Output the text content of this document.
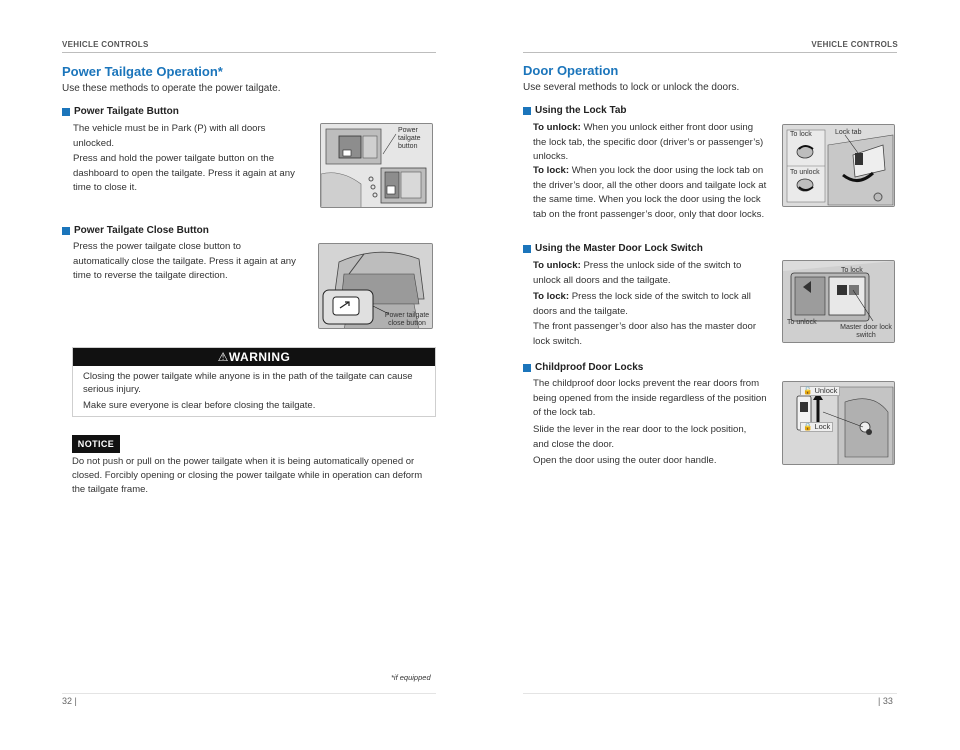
VEHICLE CONTROLS
Power Tailgate Operation*
Use these methods to operate the power tailgate.
Power Tailgate Button
The vehicle must be in Park (P) with all doors unlocked.
Press and hold the power tailgate button on the dashboard to open the tailgate. Press it again at any time to close it.
Power tailgate button
Power Tailgate Close Button
Press the power tailgate close button to automatically close the tailgate. Press it again at any time to reverse the tailgate direction.
Power tailgate close button
⚠WARNING

Closing the power tailgate while anyone is in the path of the tailgate can cause serious injury.

Make sure everyone is clear before closing the tailgate.

NOTICE
Do not push or pull on the power tailgate when it is being automatically opened or closed. Forcibly opening or closing the power tailgate while in operation can deform the tailgate frame.
*if equipped
32 |
VEHICLE CONTROLS
Door Operation
Use several methods to lock or unlock the doors.
Using the Lock Tab
To unlock: When you unlock either front door using the lock tab, the specific door (driver’s or passenger’s) unlocks.
To lock: When you lock the door using the lock tab on the driver’s door, all the other doors and tailgate lock at the same time. When you lock the door using the lock tab on the front passenger’s door, only that door locks.
To lock	Lock tab
To unlock
Using the Master Door Lock Switch
To unlock: Press the unlock side of the switch to unlock all doors and the tailgate.
To lock: Press the lock side of the switch to lock all doors and the tailgate.
The front passenger’s door also has the master door lock switch.
To lock
To unlock
Master door lock switch
Childproof Door Locks
The childproof door locks prevent the rear doors from being opened from the inside regardless of the position of the lock tab.
Slide the lever in the rear door to the lock position, and close the door.
Open the door using the outer door handle.
🔓 Unlock
🔒 Lock
| 33
